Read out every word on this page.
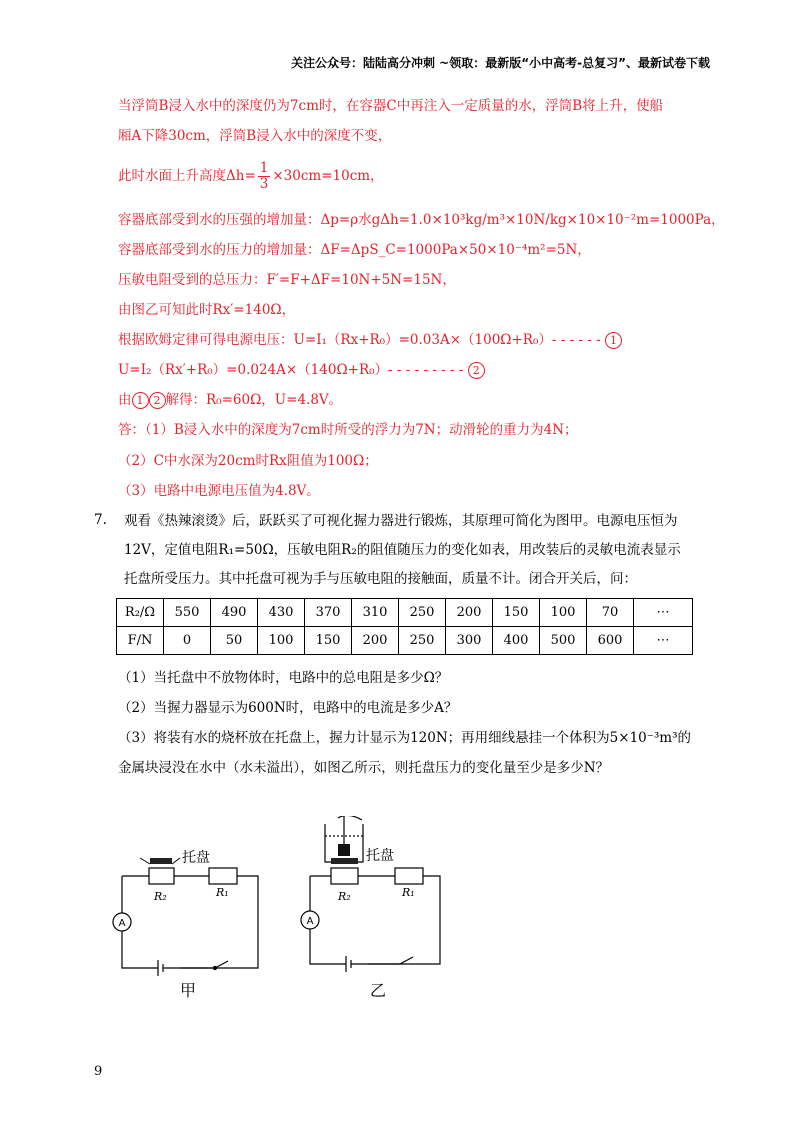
关注公众号：陆陆高分冲刺 ~领取：最新版“小中高考-总复习”、最新试卷下载
当浮筒B浸入水中的深度仍为7cm时，在容器C中再注入一定质量的水，浮筒B将上升，使船
厢A下降30cm，浮筒B浸入水中的深度不变，
此时水面上升高度$\Delta h= \frac{1}{3} \times 30cm=10cm$，
容器底部受到水的压强的增加量：Δp=ρ水gΔh=1.0×10³kg/m³×10N/kg×10×10⁻²m=1000Pa，
容器底部受到水的压力的增加量：ΔF=ΔpS_C=1000Pa×50×10⁻⁴m²=5N，
压敏电阻受到的总压力：F′=F+ΔF=10N+5N=15N，
由图乙可知此时Rx′=140Ω，
根据欧姆定律可得电源电压：U=I₁（Rx+R₀）=0.03A×（100Ω+R₀）- - - - - - 1
U=I₂（Rx′+R₀）=0.024A×（140Ω+R₀）- - - - - - - - - 2
由 1 2 解得：R₀=60Ω，U=4.8V。
答：（1）B浸入水中的深度为7cm时所受的浮力为7N；动滑轮的重力为4N；
（2）C中水深为20cm时Rx阻值为100Ω；
（3）电路中电源电压值为4.8V。
7. 观看《热辣滚烫》后，跃跃买了可视化握力器进行锻炼，其原理可简化为图甲。电源电压恒为
12V，定值电阻R₁=50Ω，压敏电阻R₂的阻值随压力的变化如表，用改装后的灵敏电流表显示
托盘所受压力。其中托盘可视为手与压敏电阻的接触面，质量不计。闭合开关后，问：
R₂/Ω	550	490	430	370	310	250	200	150	100	70	⋯
F/N	0	50	100	150	200	250	300	400	500	600	⋯
（1）当托盘中不放物体时，电路中的总电阻是多少Ω？
（2）当握力器显示为600N时，电路中的电流是多少A？
（3）将装有水的烧杯放在托盘上，握力计显示为120N；再用细线悬挂一个体积为5×10⁻³m³的
金属块浸没在水中（水未溢出），如图乙所示，则托盘压力的变化量至少是多少N？
A
托盘
R₂	R₁
甲
A
托盘
R₂	R₁
乙
9
